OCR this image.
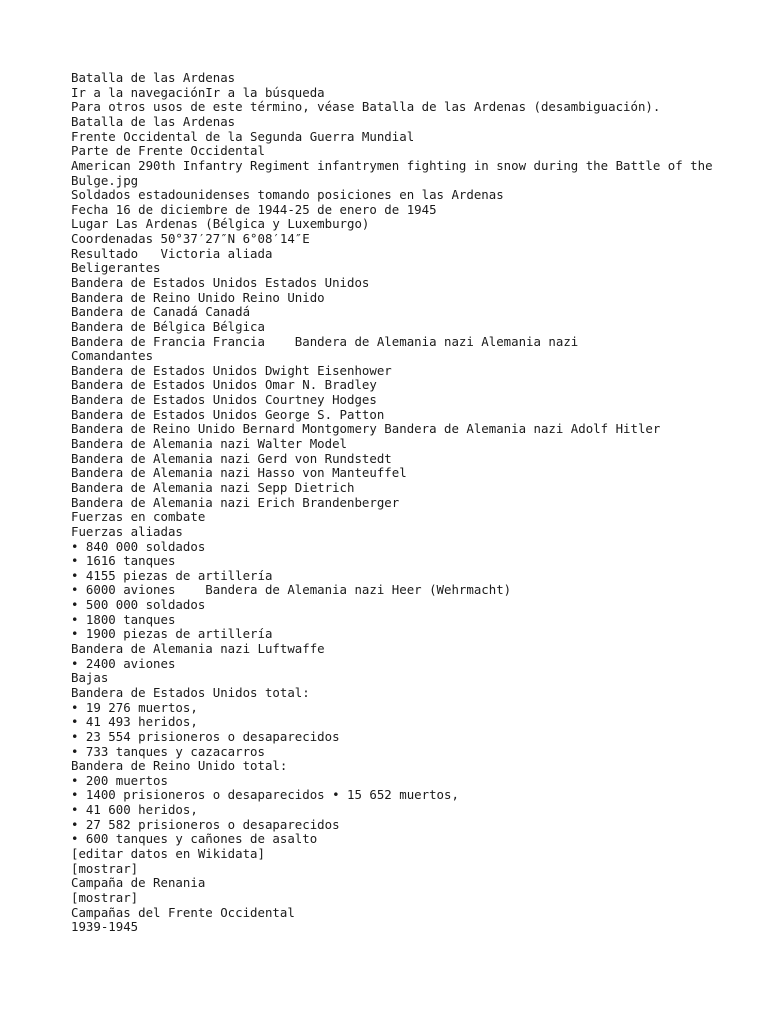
Batalla de las Ardenas
Ir a la navegaciónIr a la búsqueda
Para otros usos de este término, véase Batalla de las Ardenas (desambiguación).
Batalla de las Ardenas
Frente Occidental de la Segunda Guerra Mundial
Parte de Frente Occidental
American 290th Infantry Regiment infantrymen fighting in snow during the Battle of the Bulge.jpg
Soldados estadounidenses tomando posiciones en las Ardenas
Fecha 16 de diciembre de 1944-25 de enero de 1945
Lugar Las Ardenas (Bélgica y Luxemburgo)
Coordenadas 50°37′27″N 6°08′14″E
Resultado   Victoria aliada
Beligerantes
Bandera de Estados Unidos Estados Unidos
Bandera de Reino Unido Reino Unido
Bandera de Canadá Canadá
Bandera de Bélgica Bélgica
Bandera de Francia Francia    Bandera de Alemania nazi Alemania nazi
Comandantes
Bandera de Estados Unidos Dwight Eisenhower
Bandera de Estados Unidos Omar N. Bradley
Bandera de Estados Unidos Courtney Hodges
Bandera de Estados Unidos George S. Patton
Bandera de Reino Unido Bernard Montgomery Bandera de Alemania nazi Adolf Hitler
Bandera de Alemania nazi Walter Model
Bandera de Alemania nazi Gerd von Rundstedt
Bandera de Alemania nazi Hasso von Manteuffel
Bandera de Alemania nazi Sepp Dietrich
Bandera de Alemania nazi Erich Brandenberger
Fuerzas en combate
Fuerzas aliadas
• 840 000 soldados
• 1616 tanques
• 4155 piezas de artillería
• 6000 aviones    Bandera de Alemania nazi Heer (Wehrmacht)
• 500 000 soldados
• 1800 tanques
• 1900 piezas de artillería
Bandera de Alemania nazi Luftwaffe
• 2400 aviones
Bajas
Bandera de Estados Unidos total:
• 19 276 muertos,
• 41 493 heridos,
• 23 554 prisioneros o desaparecidos
• 733 tanques y cazacarros
Bandera de Reino Unido total:
• 200 muertos
• 1400 prisioneros o desaparecidos • 15 652 muertos,
• 41 600 heridos,
• 27 582 prisioneros o desaparecidos
• 600 tanques y cañones de asalto
[editar datos en Wikidata]
[mostrar]
Campaña de Renania
[mostrar]
Campañas del Frente Occidental
1939-1945
